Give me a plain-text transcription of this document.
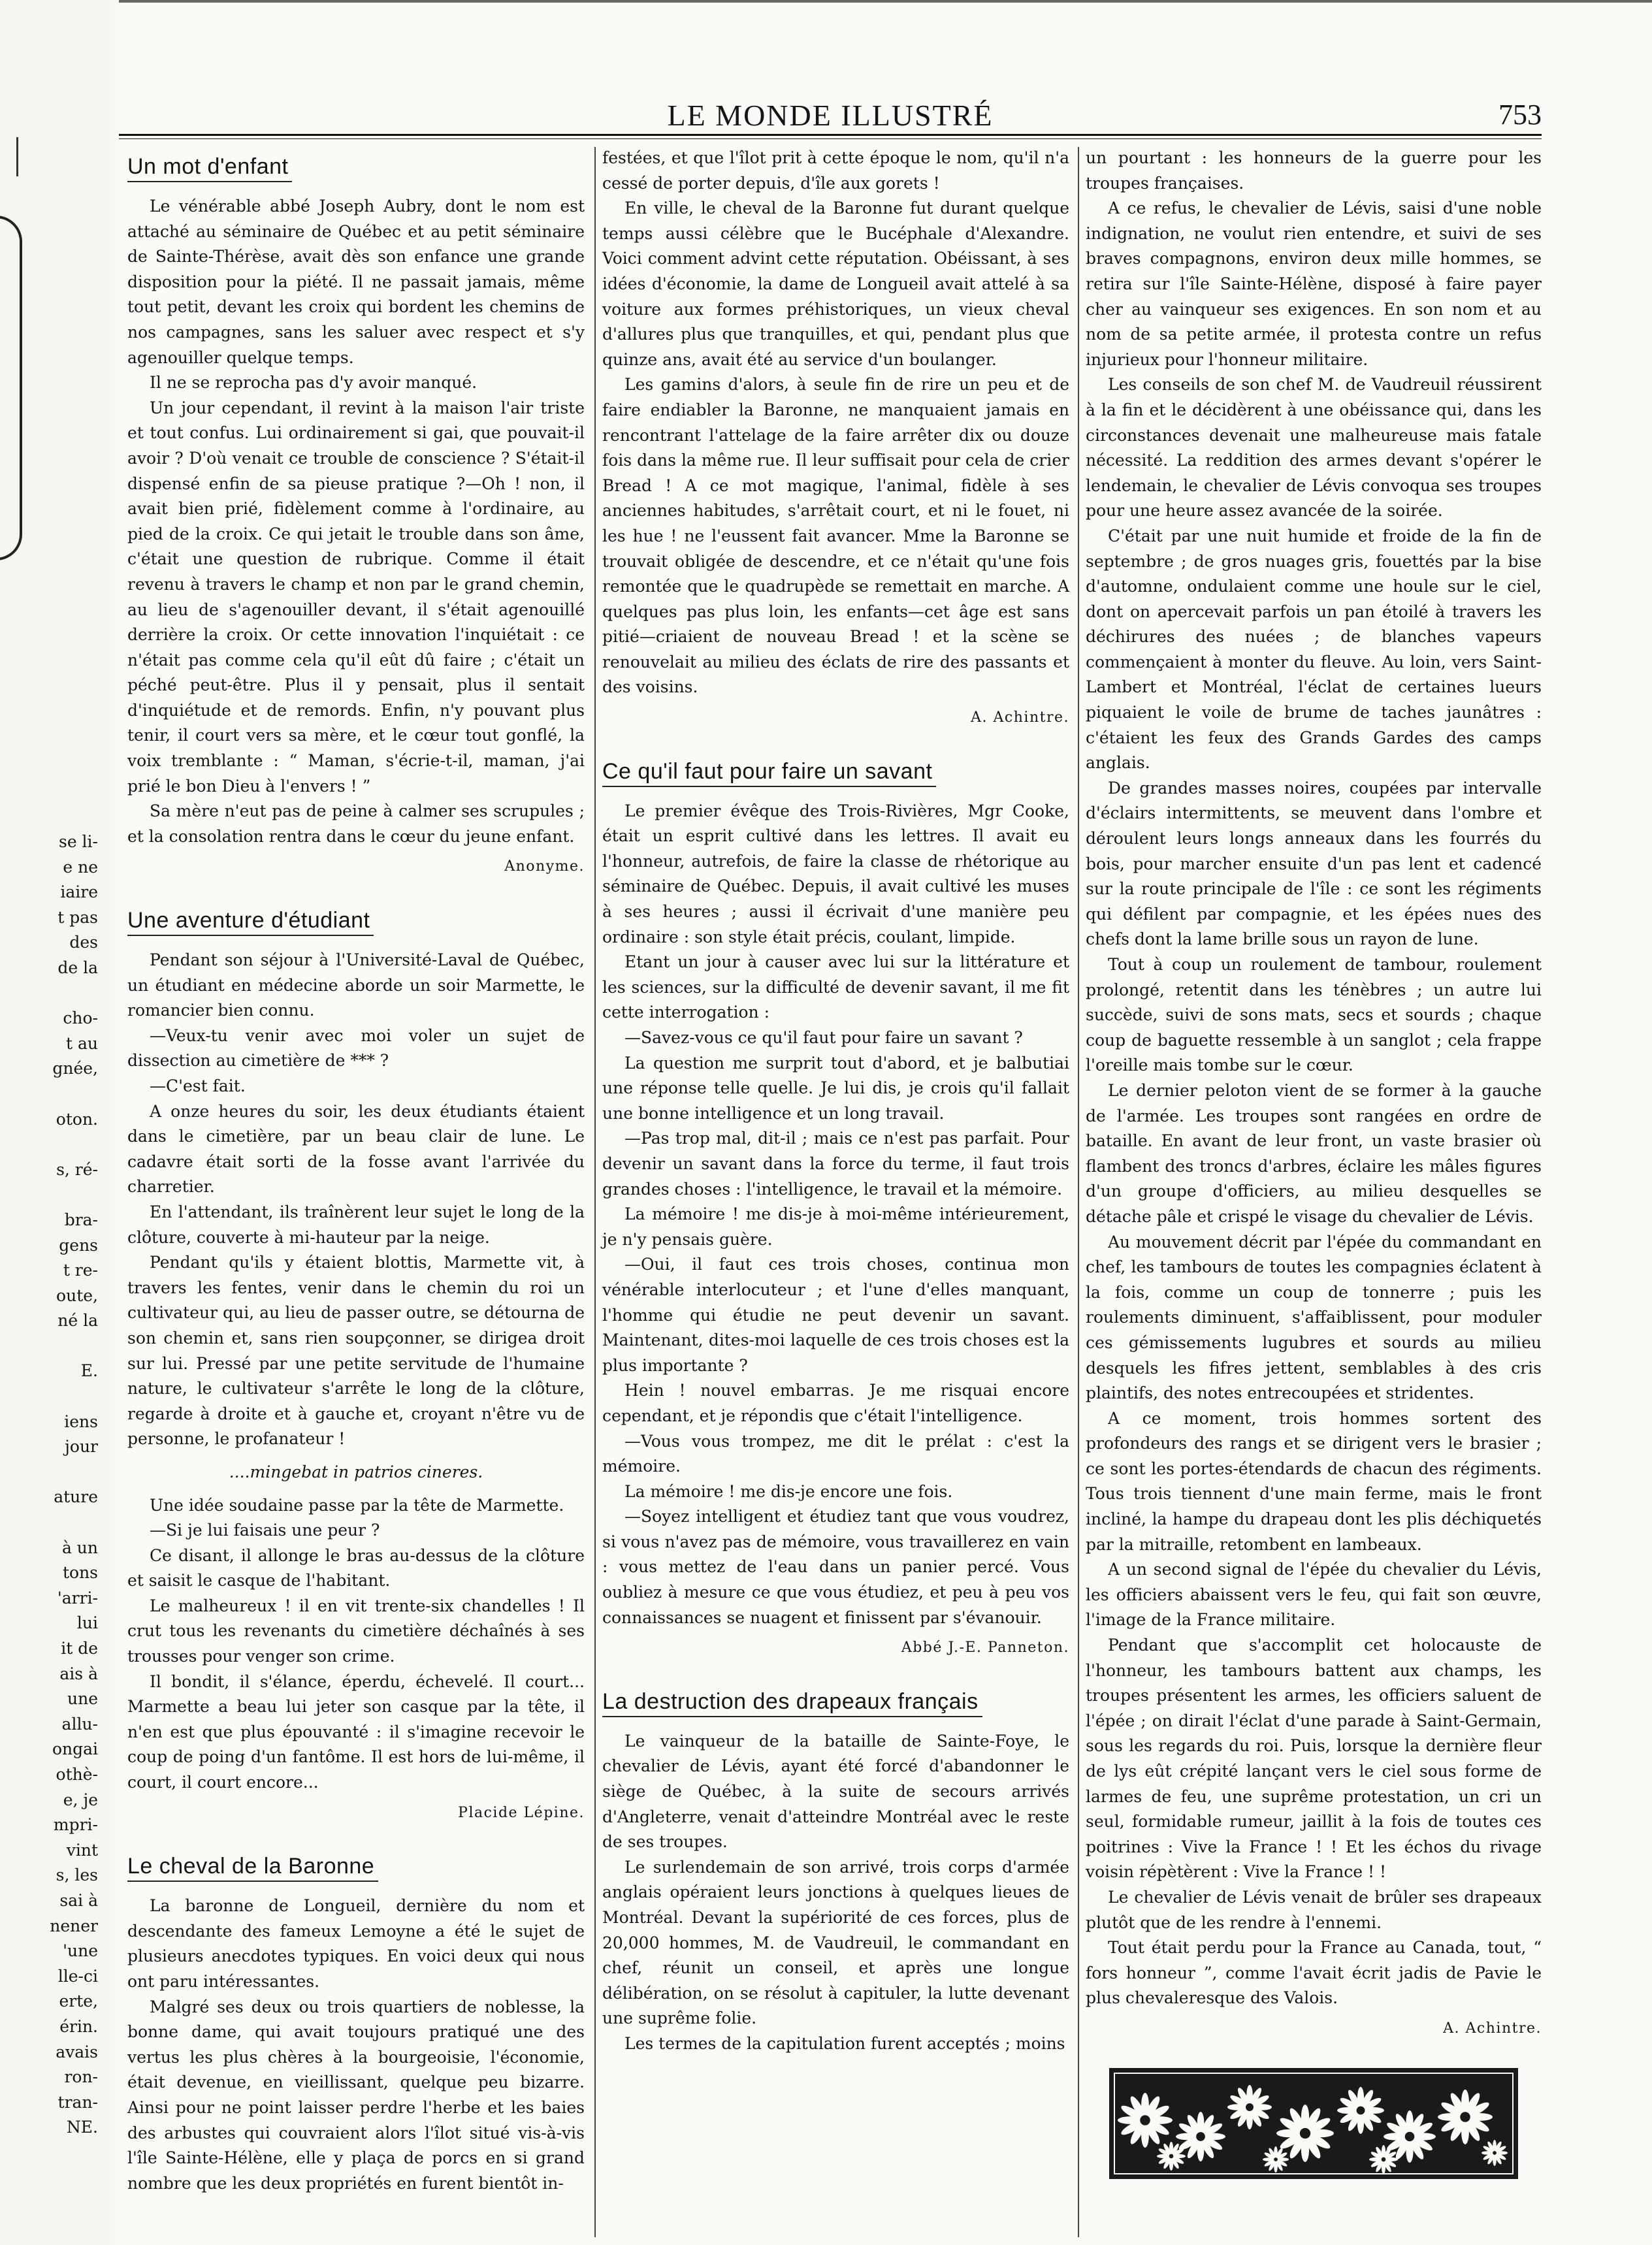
se li-
e ne
iaire
t pas
des
de la

cho-
t au
gnée,

oton.

s, ré-

bra-
gens
t re-
oute,
né la

E.

iens
jour

ature

à un
tons
'arri-
lui
it de
ais à
une
allu-
ongai
othè-
e, je
mpri-
vint
s, les
sai à
nener
'une
lle-ci
erte,
érin.
avais
ron-
tran-
NE.
LE MONDE ILLUSTRÉ	753
Un mot d'enfant

Le vénérable abbé Joseph Aubry, dont le nom est attaché au séminaire de Québec et au petit séminaire de Sainte-Thérèse, avait dès son enfance une grande disposition pour la piété. Il ne passait jamais, même tout petit, devant les croix qui bordent les chemins de nos campagnes, sans les saluer avec respect et s'y agenouiller quelque temps.

Il ne se reprocha pas d'y avoir manqué.

Un jour cependant, il revint à la maison l'air triste et tout confus. Lui ordinairement si gai, que pouvait-il avoir ? D'où venait ce trouble de conscience ? S'était-il dispensé enfin de sa pieuse pratique ?—Oh ! non, il avait bien prié, fidèlement comme à l'ordinaire, au pied de la croix. Ce qui jetait le trouble dans son âme, c'était une question de rubrique. Comme il était revenu à travers le champ et non par le grand chemin, au lieu de s'agenouiller devant, il s'était agenouillé derrière la croix. Or cette innovation l'inquiétait : ce n'était pas comme cela qu'il eût dû faire ; c'était un péché peut-être. Plus il y pensait, plus il sentait d'inquiétude et de remords. Enfin, n'y pouvant plus tenir, il court vers sa mère, et le cœur tout gonflé, la voix tremblante : “ Maman, s'écrie-t-il, maman, j'ai prié le bon Dieu à l'envers ! ”

Sa mère n'eut pas de peine à calmer ses scrupules ; et la consolation rentra dans le cœur du jeune enfant.

Anonyme.
Une aventure d'étudiant

Pendant son séjour à l'Université-Laval de Québec, un étudiant en médecine aborde un soir Marmette, le romancier bien connu.

—Veux-tu venir avec moi voler un sujet de dissection au cimetière de *** ?

—C'est fait.

A onze heures du soir, les deux étudiants étaient dans le cimetière, par un beau clair de lune. Le cadavre était sorti de la fosse avant l'arrivée du charretier.

En l'attendant, ils traînèrent leur sujet le long de la clôture, couverte à mi-hauteur par la neige.

Pendant qu'ils y étaient blottis, Marmette vit, à travers les fentes, venir dans le chemin du roi un cultivateur qui, au lieu de passer outre, se détourna de son chemin et, sans rien soupçonner, se dirigea droit sur lui. Pressé par une petite servitude de l'humaine nature, le cultivateur s'arrête le long de la clôture, regarde à droite et à gauche et, croyant n'être vu de personne, le profanateur !

....mingebat in patrios cineres.

Une idée soudaine passe par la tête de Marmette.

—Si je lui faisais une peur ?

Ce disant, il allonge le bras au-dessus de la clôture et saisit le casque de l'habitant.

Le malheureux ! il en vit trente-six chandelles ! Il crut tous les revenants du cimetière déchaînés à ses trousses pour venger son crime.

Il bondit, il s'élance, éperdu, échevelé. Il court... Marmette a beau lui jeter son casque par la tête, il n'en est que plus épouvanté : il s'imagine recevoir le coup de poing d'un fantôme. Il est hors de lui-même, il court, il court encore...

Placide Lépine.
Le cheval de la Baronne

La baronne de Longueil, dernière du nom et descendante des fameux Lemoyne a été le sujet de plusieurs anecdotes typiques. En voici deux qui nous ont paru intéressantes.

Malgré ses deux ou trois quartiers de noblesse, la bonne dame, qui avait toujours pratiqué une des vertus les plus chères à la bourgeoisie, l'économie, était devenue, en vieillissant, quelque peu bizarre. Ainsi pour ne point laisser perdre l'herbe et les baies des arbustes qui couvraient alors l'îlot situé vis-à-vis l'île Sainte-Hélène, elle y plaça de porcs en si grand nombre que les deux propriétés en furent bientôt in-

festées, et que l'îlot prit à cette époque le nom, qu'il n'a cessé de porter depuis, d'île aux gorets !

En ville, le cheval de la Baronne fut durant quelque temps aussi célèbre que le Bucéphale d'Alexandre. Voici comment advint cette réputation. Obéissant, à ses idées d'économie, la dame de Longueil avait attelé à sa voiture aux formes préhistoriques, un vieux cheval d'allures plus que tranquilles, et qui, pendant plus que quinze ans, avait été au service d'un boulanger.

Les gamins d'alors, à seule fin de rire un peu et de faire endiabler la Baronne, ne manquaient jamais en rencontrant l'attelage de la faire arrêter dix ou douze fois dans la même rue. Il leur suffisait pour cela de crier Bread ! A ce mot magique, l'animal, fidèle à ses anciennes habitudes, s'arrêtait court, et ni le fouet, ni les hue ! ne l'eussent fait avancer. Mme la Baronne se trouvait obligée de descendre, et ce n'était qu'une fois remontée que le quadrupède se remettait en marche. A quelques pas plus loin, les enfants—cet âge est sans pitié—criaient de nouveau Bread ! et la scène se renouvelait au milieu des éclats de rire des passants et des voisins.

A. Achintre.
Ce qu'il faut pour faire un savant

Le premier évêque des Trois-Rivières, Mgr Cooke, était un esprit cultivé dans les lettres. Il avait eu l'honneur, autrefois, de faire la classe de rhétorique au séminaire de Québec. Depuis, il avait cultivé les muses à ses heures ; aussi il écrivait d'une manière peu ordinaire : son style était précis, coulant, limpide.

Etant un jour à causer avec lui sur la littérature et les sciences, sur la difficulté de devenir savant, il me fit cette interrogation :

—Savez-vous ce qu'il faut pour faire un savant ?

La question me surprit tout d'abord, et je balbutiai une réponse telle quelle. Je lui dis, je crois qu'il fallait une bonne intelligence et un long travail.

—Pas trop mal, dit-il ; mais ce n'est pas parfait. Pour devenir un savant dans la force du terme, il faut trois grandes choses : l'intelligence, le travail et la mémoire.

La mémoire ! me dis-je à moi-même intérieurement, je n'y pensais guère.

—Oui, il faut ces trois choses, continua mon vénérable interlocuteur ; et l'une d'elles manquant, l'homme qui étudie ne peut devenir un savant. Maintenant, dites-moi laquelle de ces trois choses est la plus importante ?

Hein ! nouvel embarras. Je me risquai encore cependant, et je répondis que c'était l'intelligence.

—Vous vous trompez, me dit le prélat : c'est la mémoire.

La mémoire ! me dis-je encore une fois.

—Soyez intelligent et étudiez tant que vous voudrez, si vous n'avez pas de mémoire, vous travaillerez en vain : vous mettez de l'eau dans un panier percé. Vous oubliez à mesure ce que vous étudiez, et peu à peu vos connaissances se nuagent et finissent par s'évanouir.

Abbé J.-E. Panneton.
La destruction des drapeaux français

Le vainqueur de la bataille de Sainte-Foye, le chevalier de Lévis, ayant été forcé d'abandonner le siège de Québec, à la suite de secours arrivés d'Angleterre, venait d'atteindre Montréal avec le reste de ses troupes.

Le surlendemain de son arrivé, trois corps d'armée anglais opéraient leurs jonctions à quelques lieues de Montréal. Devant la supériorité de ces forces, plus de 20,000 hommes, M. de Vaudreuil, le commandant en chef, réunit un conseil, et après une longue délibération, on se résolut à capituler, la lutte devenant une suprême folie.

Les termes de la capitulation furent acceptés ; moins

un pourtant : les honneurs de la guerre pour les troupes françaises.

A ce refus, le chevalier de Lévis, saisi d'une noble indignation, ne voulut rien entendre, et suivi de ses braves compagnons, environ deux mille hommes, se retira sur l'île Sainte-Hélène, disposé à faire payer cher au vainqueur ses exigences. En son nom et au nom de sa petite armée, il protesta contre un refus injurieux pour l'honneur militaire.

Les conseils de son chef M. de Vaudreuil réussirent à la fin et le décidèrent à une obéissance qui, dans les circonstances devenait une malheureuse mais fatale nécessité. La reddition des armes devant s'opérer le lendemain, le chevalier de Lévis convoqua ses troupes pour une heure assez avancée de la soirée.

C'était par une nuit humide et froide de la fin de septembre ; de gros nuages gris, fouettés par la bise d'automne, ondulaient comme une houle sur le ciel, dont on apercevait parfois un pan étoilé à travers les déchirures des nuées ; de blanches vapeurs commençaient à monter du fleuve. Au loin, vers Saint-Lambert et Montréal, l'éclat de certaines lueurs piquaient le voile de brume de taches jaunâtres : c'étaient les feux des Grands Gardes des camps anglais.

De grandes masses noires, coupées par intervalle d'éclairs intermittents, se meuvent dans l'ombre et déroulent leurs longs anneaux dans les fourrés du bois, pour marcher ensuite d'un pas lent et cadencé sur la route principale de l'île : ce sont les régiments qui défilent par compagnie, et les épées nues des chefs dont la lame brille sous un rayon de lune.

Tout à coup un roulement de tambour, roulement prolongé, retentit dans les ténèbres ; un autre lui succède, suivi de sons mats, secs et sourds ; chaque coup de baguette ressemble à un sanglot ; cela frappe l'oreille mais tombe sur le cœur.

Le dernier peloton vient de se former à la gauche de l'armée. Les troupes sont rangées en ordre de bataille. En avant de leur front, un vaste brasier où flambent des troncs d'arbres, éclaire les mâles figures d'un groupe d'officiers, au milieu desquelles se détache pâle et crispé le visage du chevalier de Lévis.

Au mouvement décrit par l'épée du commandant en chef, les tambours de toutes les compagnies éclatent à la fois, comme un coup de tonnerre ; puis les roulements diminuent, s'affaiblissent, pour moduler ces gémissements lugubres et sourds au milieu desquels les fifres jettent, semblables à des cris plaintifs, des notes entrecoupées et stridentes.

A ce moment, trois hommes sortent des profondeurs des rangs et se dirigent vers le brasier ; ce sont les portes-étendards de chacun des régiments. Tous trois tiennent d'une main ferme, mais le front incliné, la hampe du drapeau dont les plis déchiquetés par la mitraille, retombent en lambeaux.

A un second signal de l'épée du chevalier du Lévis, les officiers abaissent vers le feu, qui fait son œuvre, l'image de la France militaire.

Pendant que s'accomplit cet holocauste de l'honneur, les tambours battent aux champs, les troupes présentent les armes, les officiers saluent de l'épée ; on dirait l'éclat d'une parade à Saint-Germain, sous les regards du roi. Puis, lorsque la dernière fleur de lys eût crépité lançant vers le ciel sous forme de larmes de feu, une suprême protestation, un cri un seul, formidable rumeur, jaillit à la fois de toutes ces poitrines : Vive la France ! ! Et les échos du rivage voisin répètèrent : Vive la France ! !

Le chevalier de Lévis venait de brûler ses drapeaux plutôt que de les rendre à l'ennemi.

Tout était perdu pour la France au Canada, tout, “ fors honneur ”, comme l'avait écrit jadis de Pavie le plus chevaleresque des Valois.

A. Achintre.
